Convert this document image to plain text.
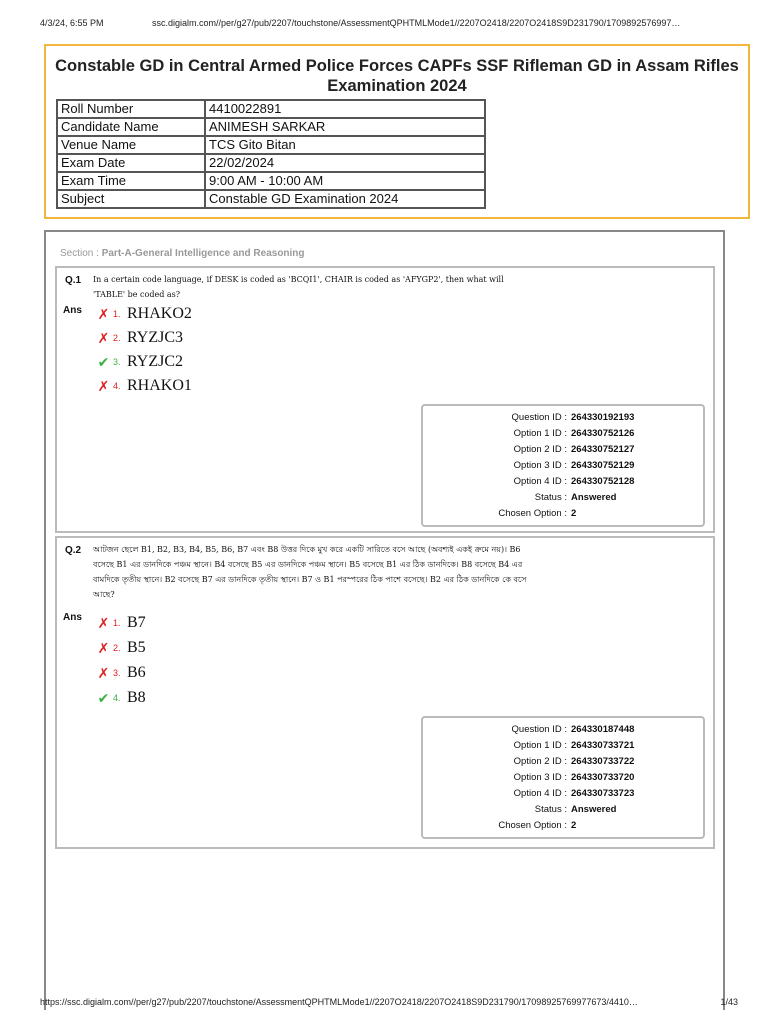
4/3/24, 6:55 PM	ssc.digialm.com//per/g27/pub/2207/touchstone/AssessmentQPHTMLMode1//2207O2418/2207O2418S9D231790/1709892576997…
Constable GD in Central Armed Police Forces CAPFs SSF Rifleman GD in Assam Rifles Examination 2024
Roll Number	4410022891
Candidate Name	ANIMESH SARKAR
Venue Name	TCS Gito Bitan
Exam Date	22/02/2024
Exam Time	9:00 AM - 10:00 AM
Subject	Constable GD Examination 2024
Section : Part-A-General Intelligence and Reasoning
Q.1 In a certain code language, if DESK is coded as 'BCQI1', CHAIR is coded as 'AFYGP2', then what will 'TABLE' be coded as?
Ans ✗ 1. RHAKO2
✗ 2. RYZJC3
✔ 3. RYZJC2
✗ 4. RHAKO1
Question ID : 264330192193
Option 1 ID : 264330752126
Option 2 ID : 264330752127
Option 3 ID : 264330752129
Option 4 ID : 264330752128
Status : Answered
Chosen Option : 2
Q.2 আটজন ছেলে B1, B2, B3, B4, B5, B6, B7 এবং B8 উত্তর দিকে মুখ করে একটি সারিতে বসে আছে (অবশ্যই একই ক্রমে নয়)। B6 বসেছে B1 এর ডানদিকে পঞ্চম স্থানে। B4 বসেছে B5 এর ডানদিকে পঞ্চম স্থানে। B5 বসেছে B1 এর ঠিক ডানদিকে। B8 বসেছে B4 এর বামদিকে তৃতীয় স্থানে। B2 বসেছে B7 এর ডানদিকে তৃতীয় স্থানে। B7 ও B1 পরস্পরের ঠিক পাশে বসেছে। B2 এর ঠিক ডানদিকে কে বসে আছে?
Ans ✗ 1. B7
✗ 2. B5
✗ 3. B6
✔ 4. B8
Question ID : 264330187448
Option 1 ID : 264330733721
Option 2 ID : 264330733722
Option 3 ID : 264330733720
Option 4 ID : 264330733723
Status : Answered
Chosen Option : 2
https://ssc.digialm.com//per/g27/pub/2207/touchstone/AssessmentQPHTMLMode1//2207O2418/2207O2418S9D231790/17098925769977673/4410…	1/43
